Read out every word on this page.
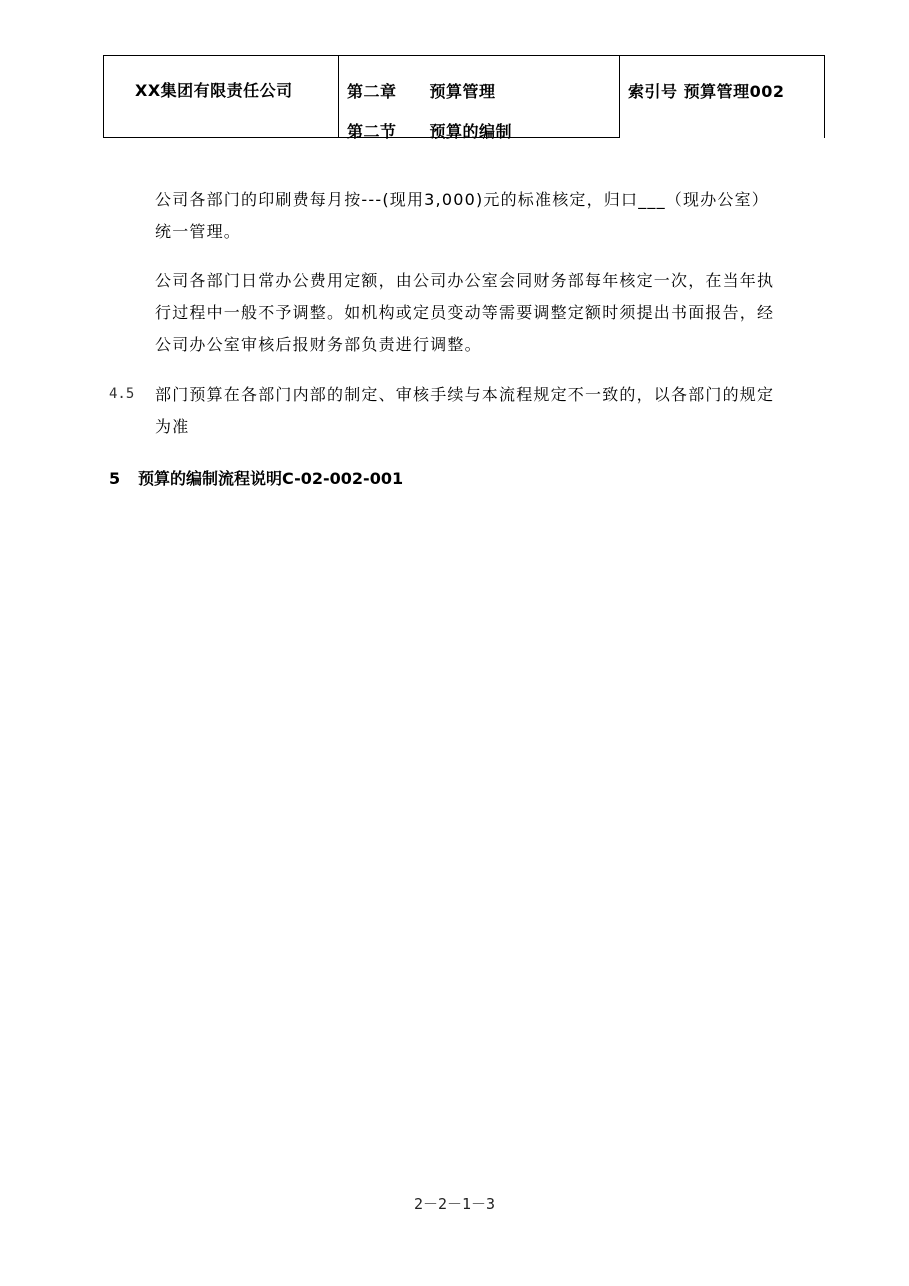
XX集团有限责任公司	第二章　　预算管理
第二节　　预算的编制
索引号 预算管理002
公司各部门的印刷费每月按---(现用3,000)元的标准核定，归口___（现办公室）
统一管理。
公司各部门日常办公费用定额，由公司办公室会同财务部每年核定一次，在当年执
行过程中一般不予调整。如机构或定员变动等需要调整定额时须提出书面报告，经
公司办公室审核后报财务部负责进行调整。
4.5 部门预算在各部门内部的制定、审核手续与本流程规定不一致的，以各部门的规定
为准
5 预算的编制流程说明C-02-002-001
2－2－1－3
